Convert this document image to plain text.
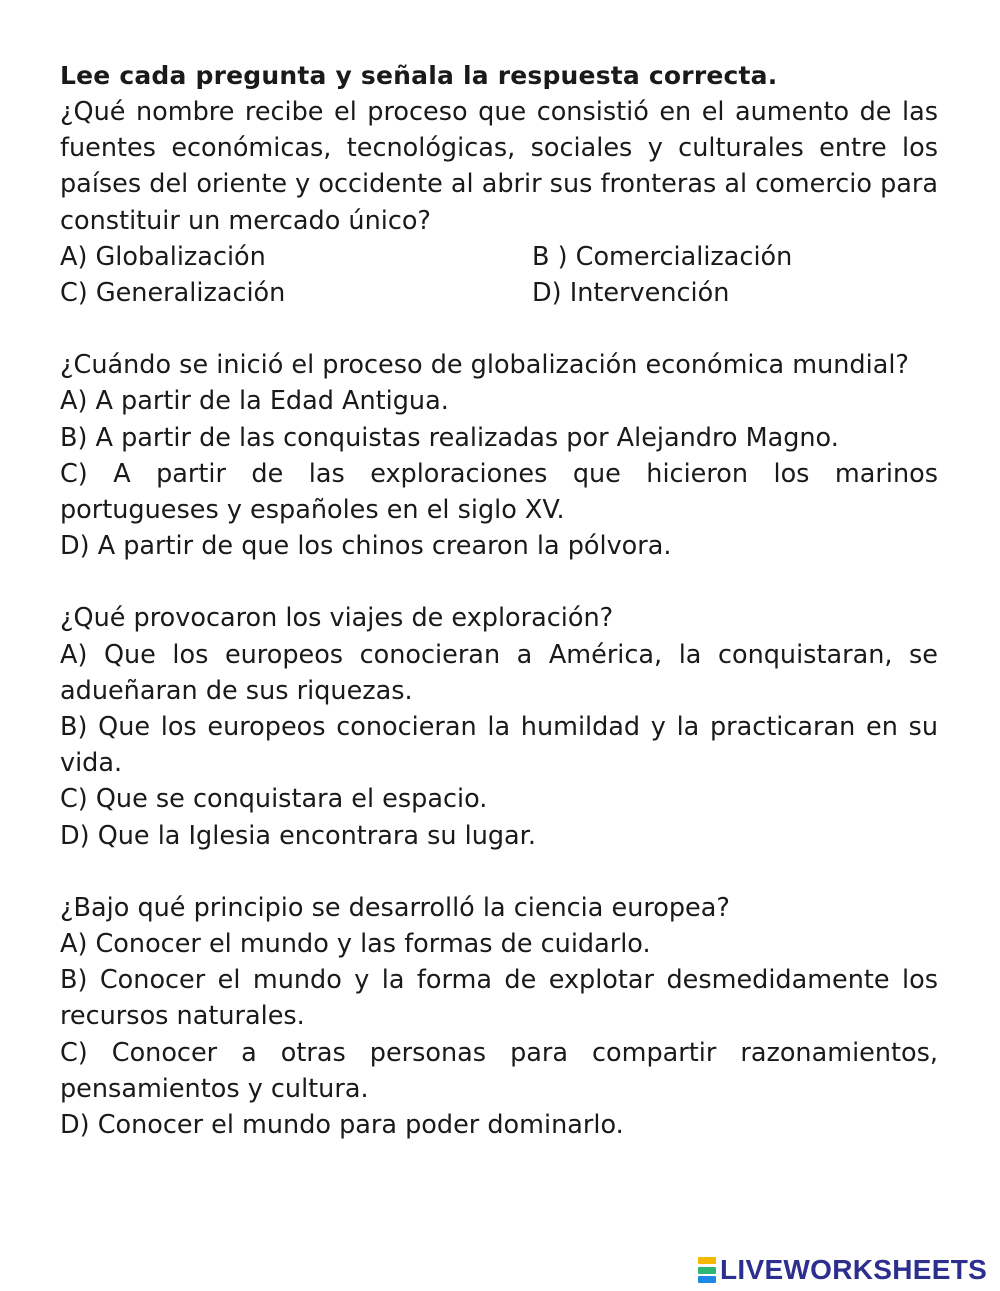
Lee cada pregunta y señala la respuesta correcta.

¿Qué nombre recibe el proceso que consistió en el aumento de las fuentes económicas, tecnológicas, sociales y culturales entre los países del oriente y occidente al abrir sus fronteras al comercio para constituir un mercado único?

A) Globalización	B ) Comercialización
C) Generalización	D) Intervención

¿Cuándo se inició el proceso de globalización económica mundial?

A) A partir de la Edad Antigua.

B) A partir de las conquistas realizadas por Alejandro Magno.

C) A partir de las exploraciones que hicieron los marinos portugueses y españoles en el siglo XV.

D) A partir de que los chinos crearon la pólvora.

¿Qué provocaron los viajes de exploración?

A) Que los europeos conocieran a América, la conquistaran, se adueñaran de sus riquezas.

B) Que los europeos conocieran la humildad y la practicaran en su vida.

C) Que se conquistara el espacio.

D) Que la Iglesia encontrara su lugar.

¿Bajo qué principio se desarrolló la ciencia europea?

A) Conocer el mundo y las formas de cuidarlo.

B) Conocer el mundo y la forma de explotar desmedidamente los recursos naturales.

C) Conocer a otras personas para compartir razonamientos, pensamientos y cultura.

D) Conocer el mundo para poder dominarlo.

LIVEWORKSHEETS
